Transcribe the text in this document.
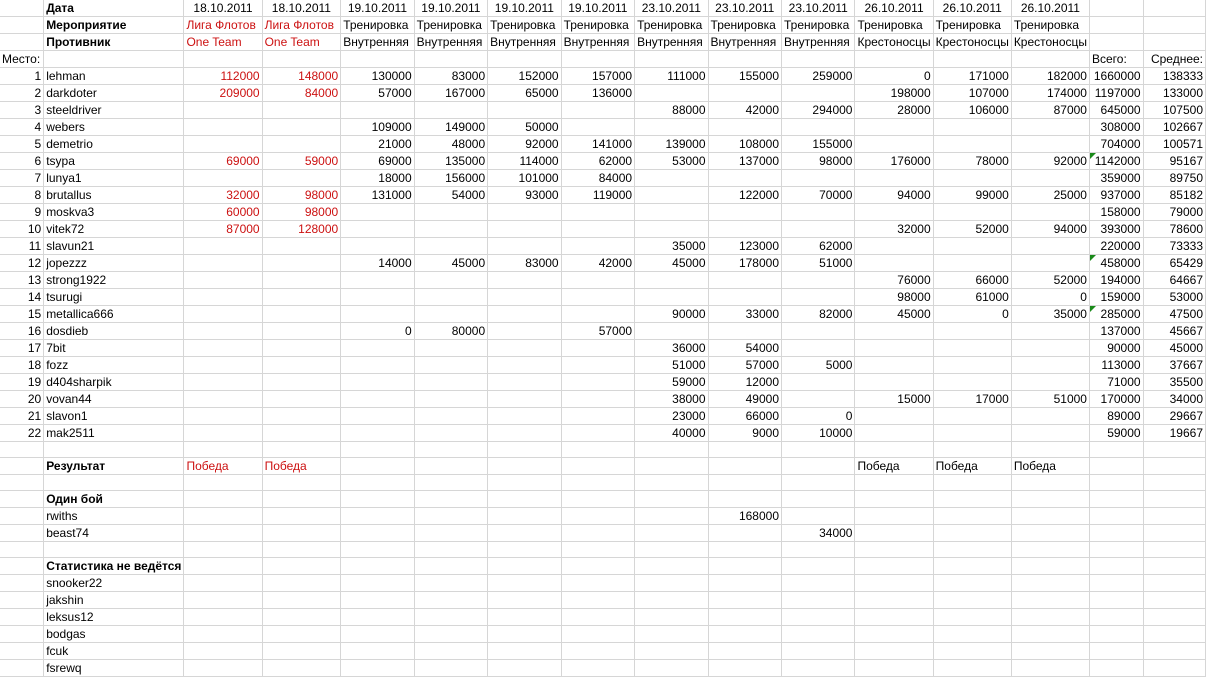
	Дата	18.10.2011	18.10.2011	19.10.2011	19.10.2011	19.10.2011	19.10.2011	23.10.2011	23.10.2011	23.10.2011	26.10.2011	26.10.2011	26.10.2011		
	Мероприятие	Лига Флотов	Лига Флотов	Тренировка	Тренировка	Тренировка	Тренировка	Тренировка	Тренировка	Тренировка	Тренировка	Тренировка	Тренировка		
	Противник	One Team	One Team	Внутренняя	Внутренняя	Внутренняя	Внутренняя	Внутренняя	Внутренняя	Внутренняя	Крестоносцы	Крестоносцы	Крестоносцы		
Место:														Всего:	Среднее:
1	lehman	112000	148000	130000	83000	152000	157000	111000	155000	259000	0	171000	182000	1660000	138333
2	darkdoter	209000	84000	57000	167000	65000	136000				198000	107000	174000	1197000	133000
3	steeldriver							88000	42000	294000	28000	106000	87000	645000	107500
4	webers			109000	149000	50000								308000	102667
5	demetrio			21000	48000	92000	141000	139000	108000	155000				704000	100571
6	tsypa	69000	59000	69000	135000	114000	62000	53000	137000	98000	176000	78000	92000	1142000	95167
7	lunya1			18000	156000	101000	84000							359000	89750
8	brutallus	32000	98000	131000	54000	93000	119000		122000	70000	94000	99000	25000	937000	85182
9	moskva3	60000	98000											158000	79000
10	vitek72	87000	128000								32000	52000	94000	393000	78600
11	slavun21							35000	123000	62000				220000	73333
12	jopezzz			14000	45000	83000	42000	45000	178000	51000				458000	65429
13	strong1922										76000	66000	52000	194000	64667
14	tsurugi										98000	61000	0	159000	53000
15	metallica666							90000	33000	82000	45000	0	35000	285000	47500
16	dosdieb			0	80000		57000							137000	45667
17	7bit							36000	54000					90000	45000
18	fozz							51000	57000	5000				113000	37667
19	d404sharpik							59000	12000					71000	35500
20	vovan44							38000	49000		15000	17000	51000	170000	34000
21	slavon1							23000	66000	0				89000	29667
22	mak2511							40000	9000	10000				59000	19667

	Результат	Победа	Победа								Победа	Победа	Победа		

	Один бой														
	rwiths								168000						
	beast74									34000					

	Статистика не ведётся														
	snooker22														
	jakshin														
	leksus12														
	bodgas														
	fcuk														
	fsrewq														
